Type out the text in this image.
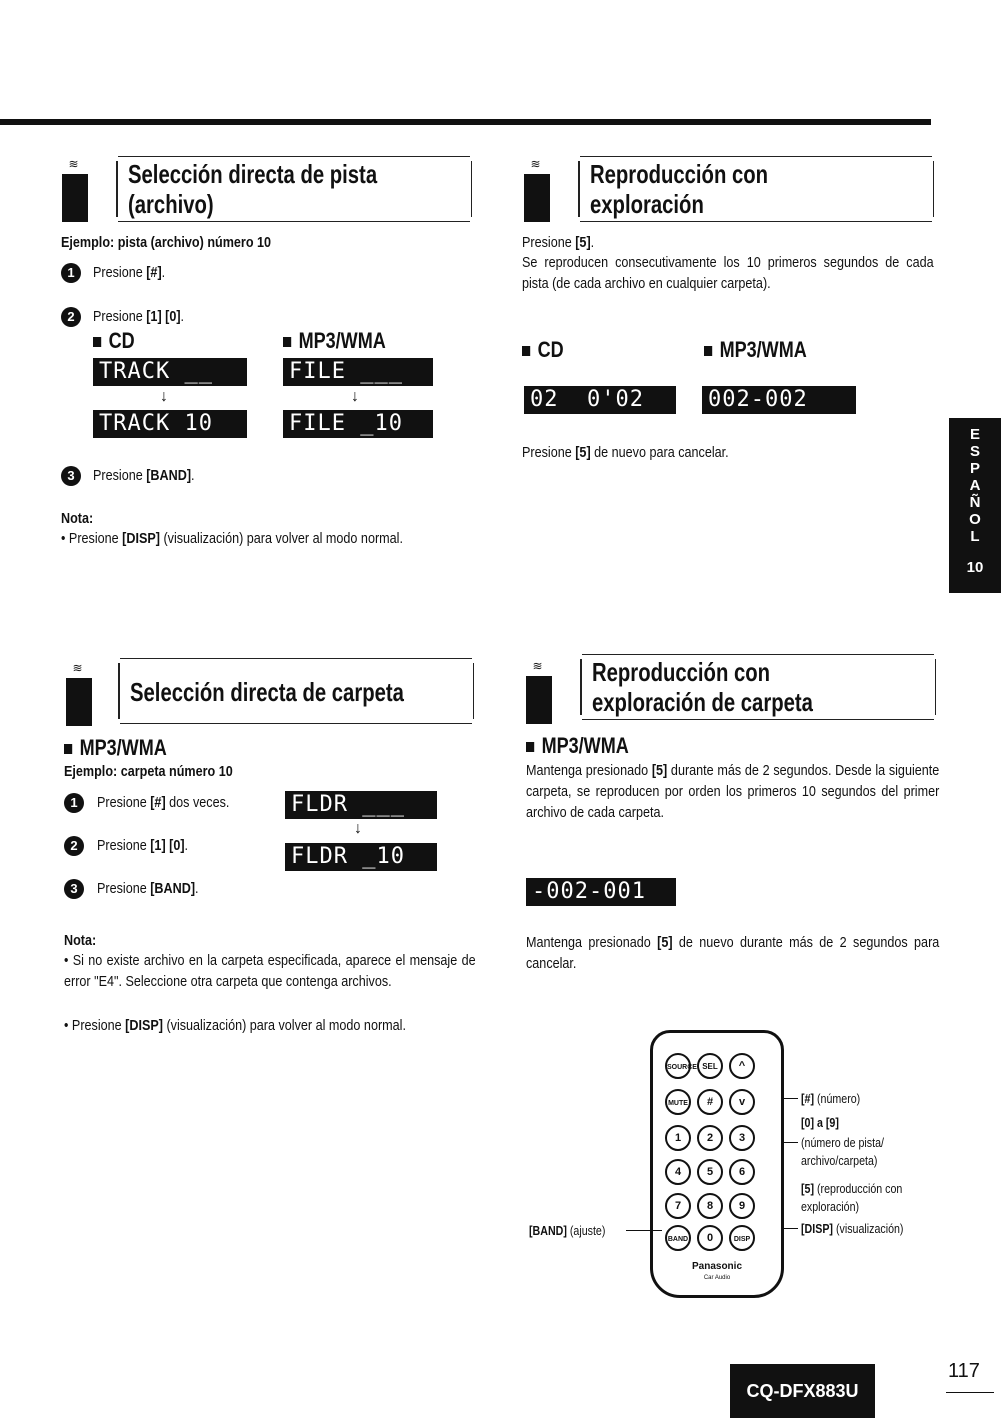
≋ Selección directa de pista
(archivo)
Ejemplo: pista (archivo) número 10
1	Presione [#].
2	Presione [1] [0].
CD	MP3/WMA
TRACK __
↓
TRACK 10
FILE ___
↓
FILE _10
3	Presione [BAND].
Nota:
• Presione [DISP] (visualización) para volver al modo normal.
≋ Reproducción con
exploración
Presione [5].
Se reproducen consecutivamente los 10 primeros segundos de cada pista (de cada archivo en cualquier carpeta).
CD	MP3/WMA
02  0'02	002-002
Presione [5] de nuevo para cancelar.
E
S
P
A
Ñ
O
L
10
≋
Selección directa de carpeta
MP3/WMA
Ejemplo: carpeta número 10
1	Presione [#] dos veces.
2	Presione [1] [0].
3	Presione [BAND].
FLDR ___
↓
FLDR _10
Nota:
• Si no existe archivo en la carpeta especificada, aparece el mensaje de error "E4". Seleccione otra carpeta que contenga archivos.
• Presione [DISP] (visualización) para volver al modo normal.
≋ Reproducción con
exploración de carpeta
MP3/WMA
Mantenga presionado [5] durante más de 2 segundos. Desde la siguiente carpeta, se reproducen por orden los primeros 10 segundos del primer archivo de cada carpeta.
-002-001
Mantenga presionado [5] de nuevo durante más de 2 segundos para cancelar.
SOURCE SEL	^
MUTE	#	v
1	2	3
4	5	6
7	8	9
BAND	0	DISP
Panasonic
Car Audio
[#] (número)
[0] a [9]
(número de pista/ archivo/carpeta)
[5] (reproducción con exploración)
[DISP] (visualización)
[BAND] (ajuste)
CQ-DFX883U
117
